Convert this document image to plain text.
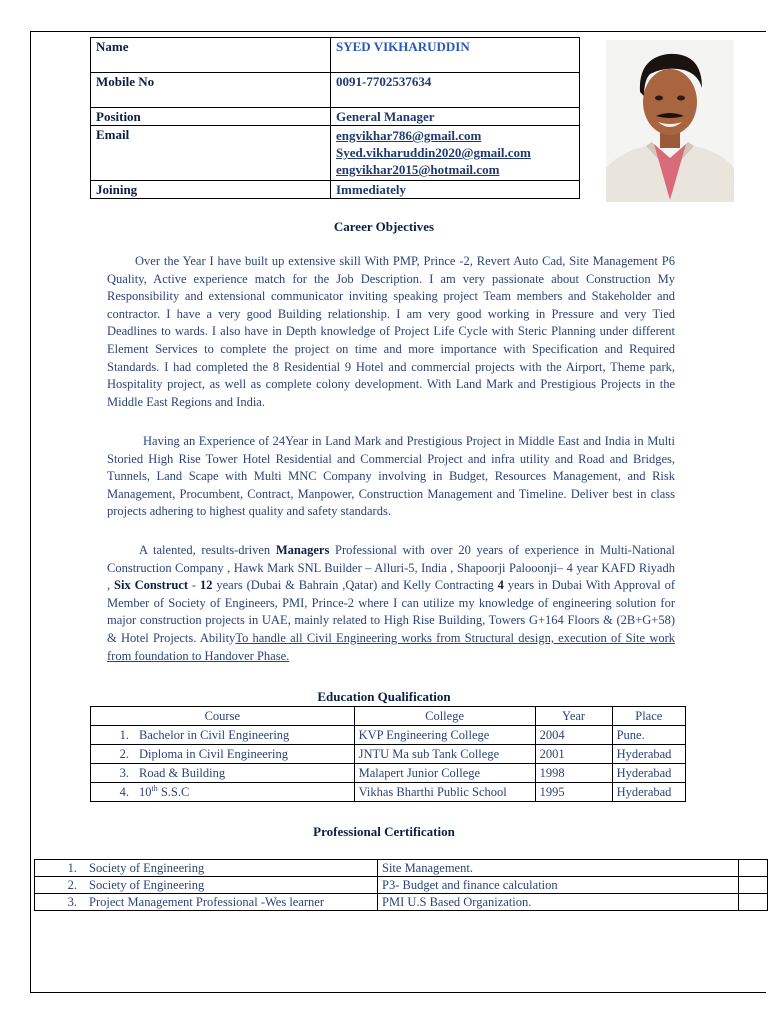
Name	SYED VIKHARUDDIN
Mobile No	0091-7702537634
Position	General Manager
Email	engvikhar786@gmail.com
Syed.vikharuddin2020@gmail.com
engvikhar2015@hotmail.com

Joining	Immediately
Career Objectives

Over the Year I have built up extensive skill With PMP, Prince -2, Revert Auto Cad, Site Management P6 Quality, Active experience match for the Job Description. I am very passionate about Construction My Responsibility and extensional communicator inviting speaking project Team members and Stakeholder and contractor. I have a very good Building relationship. I am very good working in Pressure and very Tied Deadlines to wards. I also have in Depth knowledge of Project Life Cycle with Steric Planning under different Element Services to complete the project on time and more importance with Specification and Required Standards. I had completed the 8 Residential 9 Hotel and commercial projects with the Airport, Theme park, Hospitality project, as well as complete colony development. With Land Mark and Prestigious Projects in the Middle East Regions and India.

Having an Experience of 24Year in Land Mark and Prestigious Project in Middle East and India in Multi Storied High Rise Tower Hotel Residential and Commercial Project and infra utility and Road and Bridges, Tunnels, Land Scape with Multi MNC Company involving in Budget, Resources Management, and Risk Management, Procumbent, Contract, Manpower, Construction Management and Timeline. Deliver best in class projects adhering to highest quality and safety standards.

A talented, results-driven Managers Professional with over 20 years of experience in Multi-National Construction Company , Hawk Mark SNL Builder – Alluri-5, India , Shapoorji Palooonji– 4 year KAFD Riyadh , Six Construct - 12 years (Dubai & Bahrain ,Qatar) and Kelly Contracting 4 years in Dubai With Approval of Member of Society of Engineers, PMI, Prince-2 where I can utilize my knowledge of engineering solution for major construction projects in UAE, mainly related to High Rise Building, Towers G+164 Floors & (2B+G+58) & Hotel Projects. AbilityTo handle all Civil Engineering works from Structural design, execution of Site work from foundation to Handover Phase.

Education Qualification
Course		College	Year	Place
1.	Bachelor in Civil Engineering	KVP Engineering College	2004	Pune.
2.	Diploma in Civil Engineering	JNTU Ma sub Tank College	2001	Hyderabad
3.	Road & Building	Malapert Junior College	1998	Hyderabad
4.	10th S.S.C	Vikhas Bharthi Public School	1995	Hyderabad
Professional Certification
1.	Society of Engineering	Site Management.	
2.	Society of Engineering	P3- Budget and finance calculation	
3.	Project Management Professional -Wes learner	PMI U.S Based Organization.	
